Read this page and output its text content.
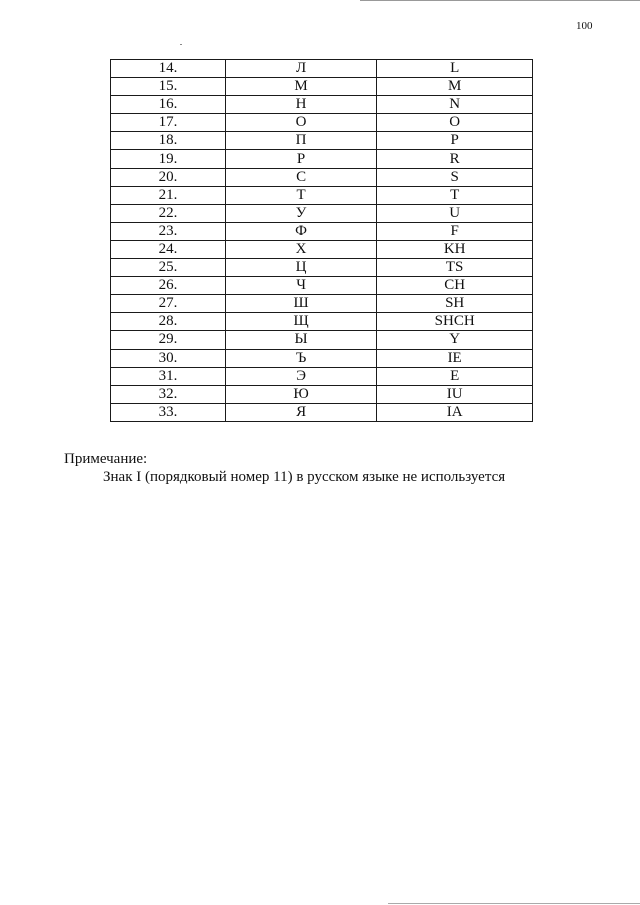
100
14.	Л	L
15.	М	M
16.	Н	N
17.	О	O
18.	П	P
19.	Р	R
20.	С	S
21.	Т	T
22.	У	U
23.	Ф	F
24.	Х	KH
25.	Ц	TS
26.	Ч	CH
27.	Ш	SH
28.	Щ	SHCH
29.	Ы	Y
30.	Ъ	IE
31.	Э	E
32.	Ю	IU
33.	Я	IA
Примечание:
Знак І (порядковый номер 11) в русском языке не используется
